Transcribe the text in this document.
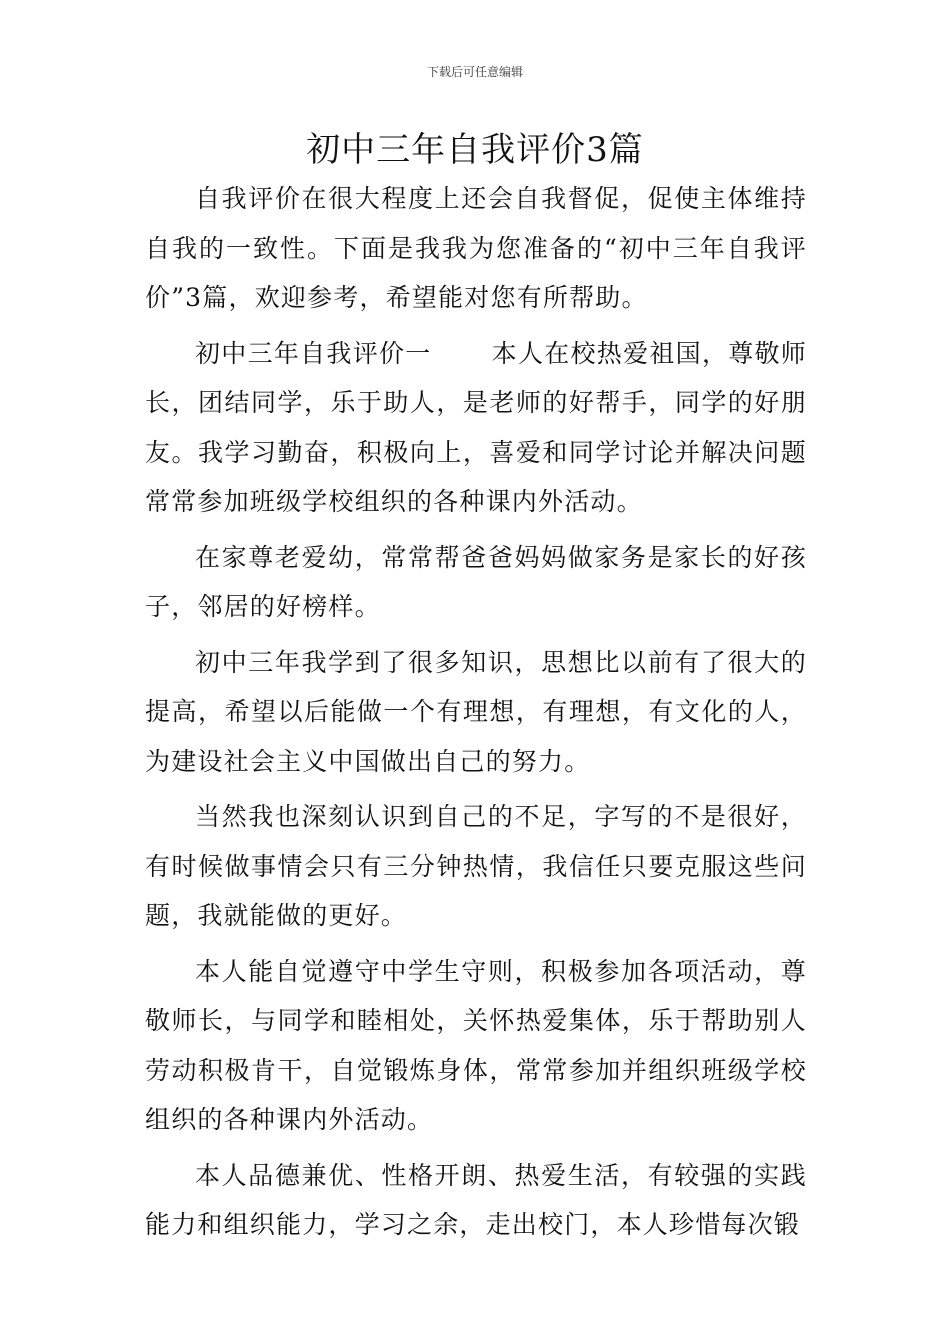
下载后可任意编辑
初中三年自我评价3篇

自我评价在很大程度上还会自我督促，促使主体维持自我的一致性。下面是我我为您准备的“初中三年自我评价”3篇，欢迎参考，希望能对您有所帮助。

初中三年自我评价一 本人在校热爱祖国，尊敬师长，团结同学，乐于助人，是老师的好帮手，同学的好朋友。我学习勤奋，积极向上，喜爱和同学讨论并解决问题常常参加班级学校组织的各种课内外活动。

在家尊老爱幼，常常帮爸爸妈妈做家务是家长的好孩子，邻居的好榜样。

初中三年我学到了很多知识，思想比以前有了很大的提高，希望以后能做一个有理想，有理想，有文化的人，为建设社会主义中国做出自己的努力。

当然我也深刻认识到自己的不足，字写的不是很好，有时候做事情会只有三分钟热情，我信任只要克服这些问题，我就能做的更好。

本人能自觉遵守中学生守则，积极参加各项活动，尊敬师长，与同学和睦相处，关怀热爱集体，乐于帮助别人劳动积极肯干，自觉锻炼身体，常常参加并组织班级学校组织的各种课内外活动。

本人品德兼优、性格开朗、热爱生活，有较强的实践能力和组织能力，学习之余，走出校门，本人珍惜每次锻
